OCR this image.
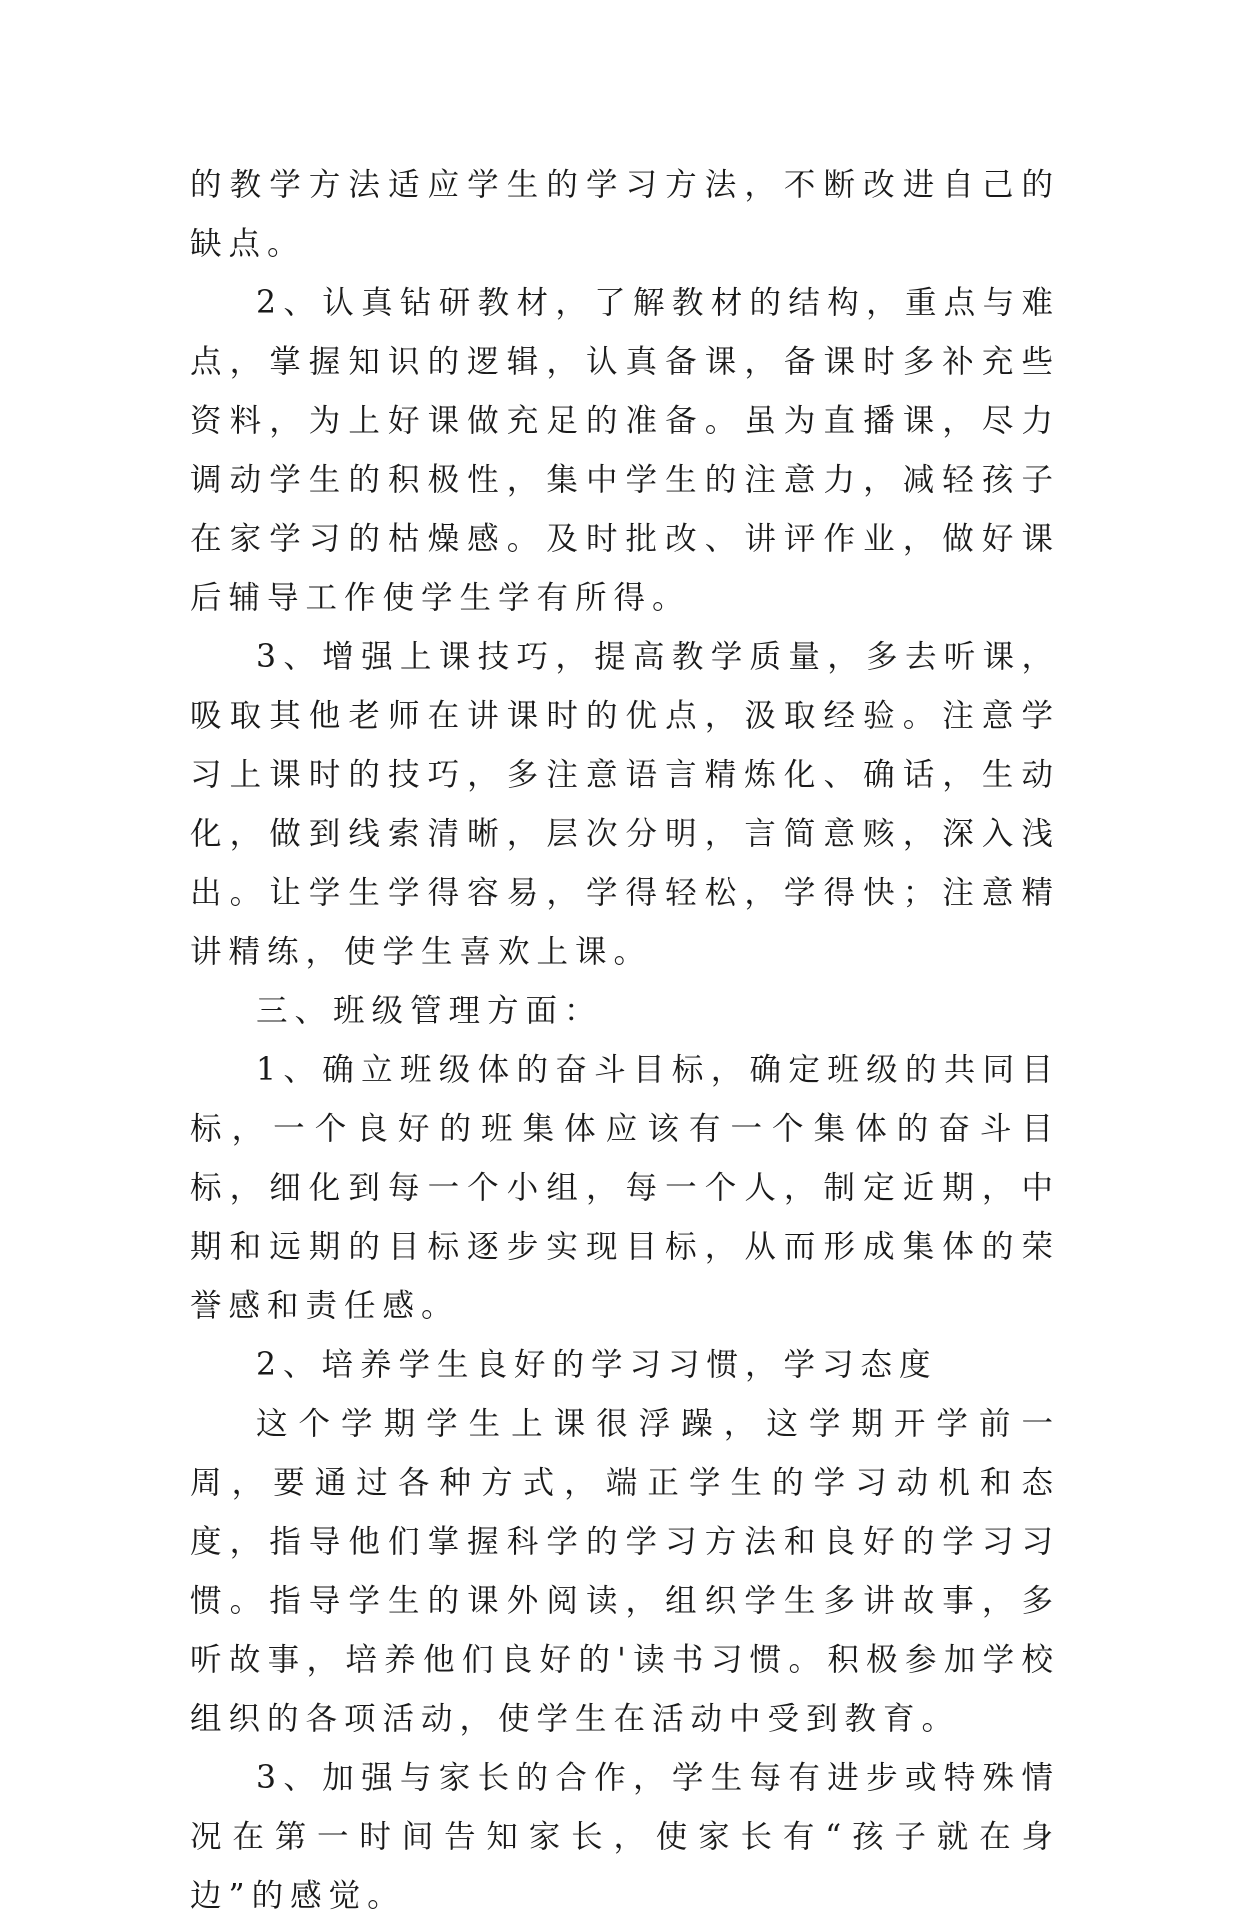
的教学方法适应学生的学习方法，不断改进自己的缺点。

2、认真钻研教材，了解教材的结构，重点与难点，掌握知识的逻辑，认真备课，备课时多补充些资料，为上好课做充足的准备。虽为直播课，尽力调动学生的积极性，集中学生的注意力，减轻孩子在家学习的枯燥感。及时批改、讲评作业，做好课后辅导工作使学生学有所得。

3、增强上课技巧，提高教学质量，多去听课，吸取其他老师在讲课时的优点，汲取经验。注意学习上课时的技巧，多注意语言精炼化、确话，生动化，做到线索清晰，层次分明，言简意赅，深入浅出。让学生学得容易，学得轻松，学得快；注意精讲精练，使学生喜欢上课。

三、班级管理方面：

1、确立班级体的奋斗目标，确定班级的共同目标，一个良好的班集体应该有一个集体的奋斗目标，细化到每一个小组，每一个人，制定近期，中期和远期的目标逐步实现目标，从而形成集体的荣誉感和责任感。

2、培养学生良好的学习习惯，学习态度

这个学期学生上课很浮躁，这学期开学前一周，要通过各种方式，端正学生的学习动机和态度，指导他们掌握科学的学习方法和良好的学习习惯。指导学生的课外阅读，组织学生多讲故事，多听故事，培养他们良好的'读书习惯。积极参加学校组织的各项活动，使学生在活动中受到教育。

3、加强与家长的合作，学生每有进步或特殊情况在第一时间告知家长，使家长有“孩子就在身边”的感觉。
